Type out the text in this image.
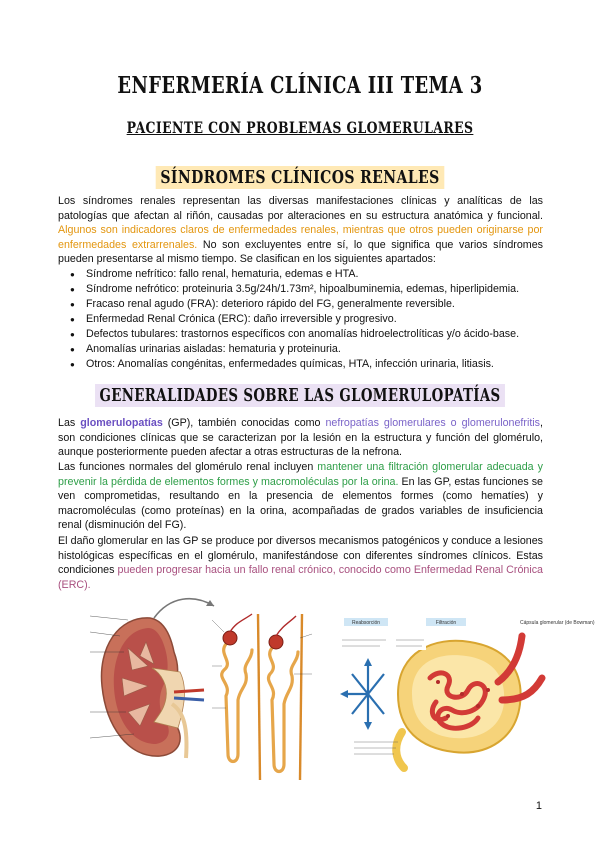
ENFERMERÍA CLÍNICA III TEMA 3
PACIENTE CON PROBLEMAS GLOMERULARES
SÍNDROMES CLÍNICOS RENALES
Los síndromes renales representan las diversas manifestaciones clínicas y analíticas de las patologías que afectan al riñón, causadas por alteraciones en su estructura anatómica y funcional. Algunos son indicadores claros de enfermedades renales, mientras que otros pueden originarse por enfermedades extrarrenales. No son excluyentes entre sí, lo que significa que varios síndromes pueden presentarse al mismo tiempo. Se clasifican en los siguientes apartados:
● Síndrome nefrítico: fallo renal, hematuria, edemas e HTA.
● Síndrome nefrótico: proteinuria 3.5g/24h/1.73m², hipoalbuminemia, edemas, hiperlipidemia.
● Fracaso renal agudo (FRA): deterioro rápido del FG, generalmente reversible.
● Enfermedad Renal Crónica (ERC): daño irreversible y progresivo.
● Defectos tubulares: trastornos específicos con anomalías hidroelectrolíticas y/o ácido-base.
● Anomalías urinarias aisladas: hematuria y proteinuria.
● Otros: Anomalías congénitas, enfermedades químicas, HTA, infección urinaria, litiasis.
GENERALIDADES SOBRE LAS GLOMERULOPATÍAS
Las glomerulopatías (GP), también conocidas como nefropatías glomerulares o glomerulonefritis, son condiciones clínicas que se caracterizan por la lesión en la estructura y función del glomérulo, aunque posteriormente pueden afectar a otras estructuras de la nefrona.
Las funciones normales del glomérulo renal incluyen mantener una filtración glomerular adecuada y prevenir la pérdida de elementos formes y macromoléculas por la orina. En las GP, estas funciones se ven comprometidas, resultando en la presencia de elementos formes (como hematíes) y macromoléculas (como proteínas) en la orina, acompañadas de grados variables de insuficiencia renal (disminución del FG).
El daño glomerular en las GP se produce por diversos mecanismos patogénicos y conduce a lesiones histológicas específicas en el glomérulo, manifestándose con diferentes síndromes clínicos. Estas condiciones pueden progresar hacia un fallo renal crónico, conocido como Enfermedad Renal Crónica (ERC).
Reabsorción	Filtración	Cápsula glomerular (de Bowman)
1
